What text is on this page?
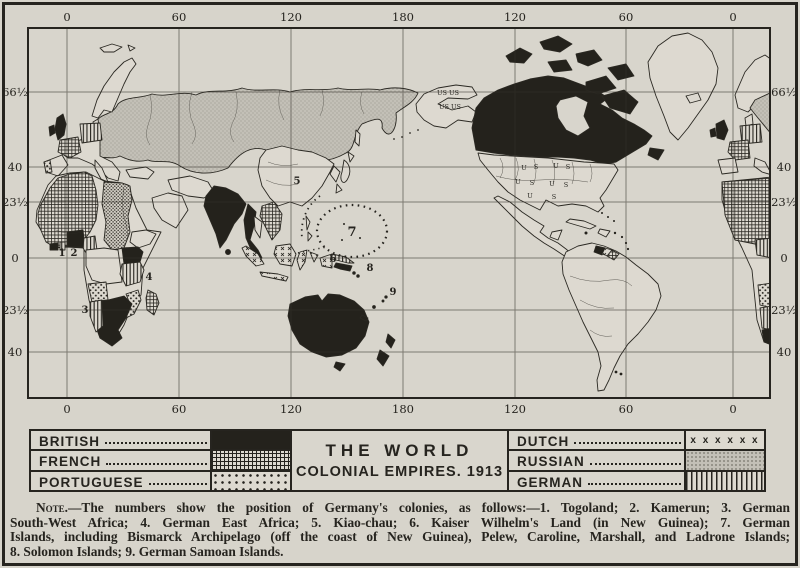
1 2
3
4
5
6
7
8
9
US US
US US
U S U S
U S U S
U	S
0	60	120	180	120	60	0
0	60	120	180	120	60	0
66½
40
23½
0
23½
40
66½
40
23½
0
23½
40
BRITISH
FRENCH
PORTUGUESE
THE WORLD
COLONIAL EMPIRES. 1913
DUTCH	x x x x x x
RUSSIAN
GERMAN
Note.—The numbers show the position of Germany's colonies, as follows:—1. Togoland; 2. Kamerun; 3. German
South-West Africa; 4. German East Africa; 5. Kiao-chau; 6. Kaiser Wilhelm's Land (in New Guinea); 7. German
Islands, including Bismarck Archipelago (off the coast of New Guinea), Pelew, Caroline, Marshall, and Ladrone Islands;
8. Solomon Islands; 9. German Samoan Islands.
